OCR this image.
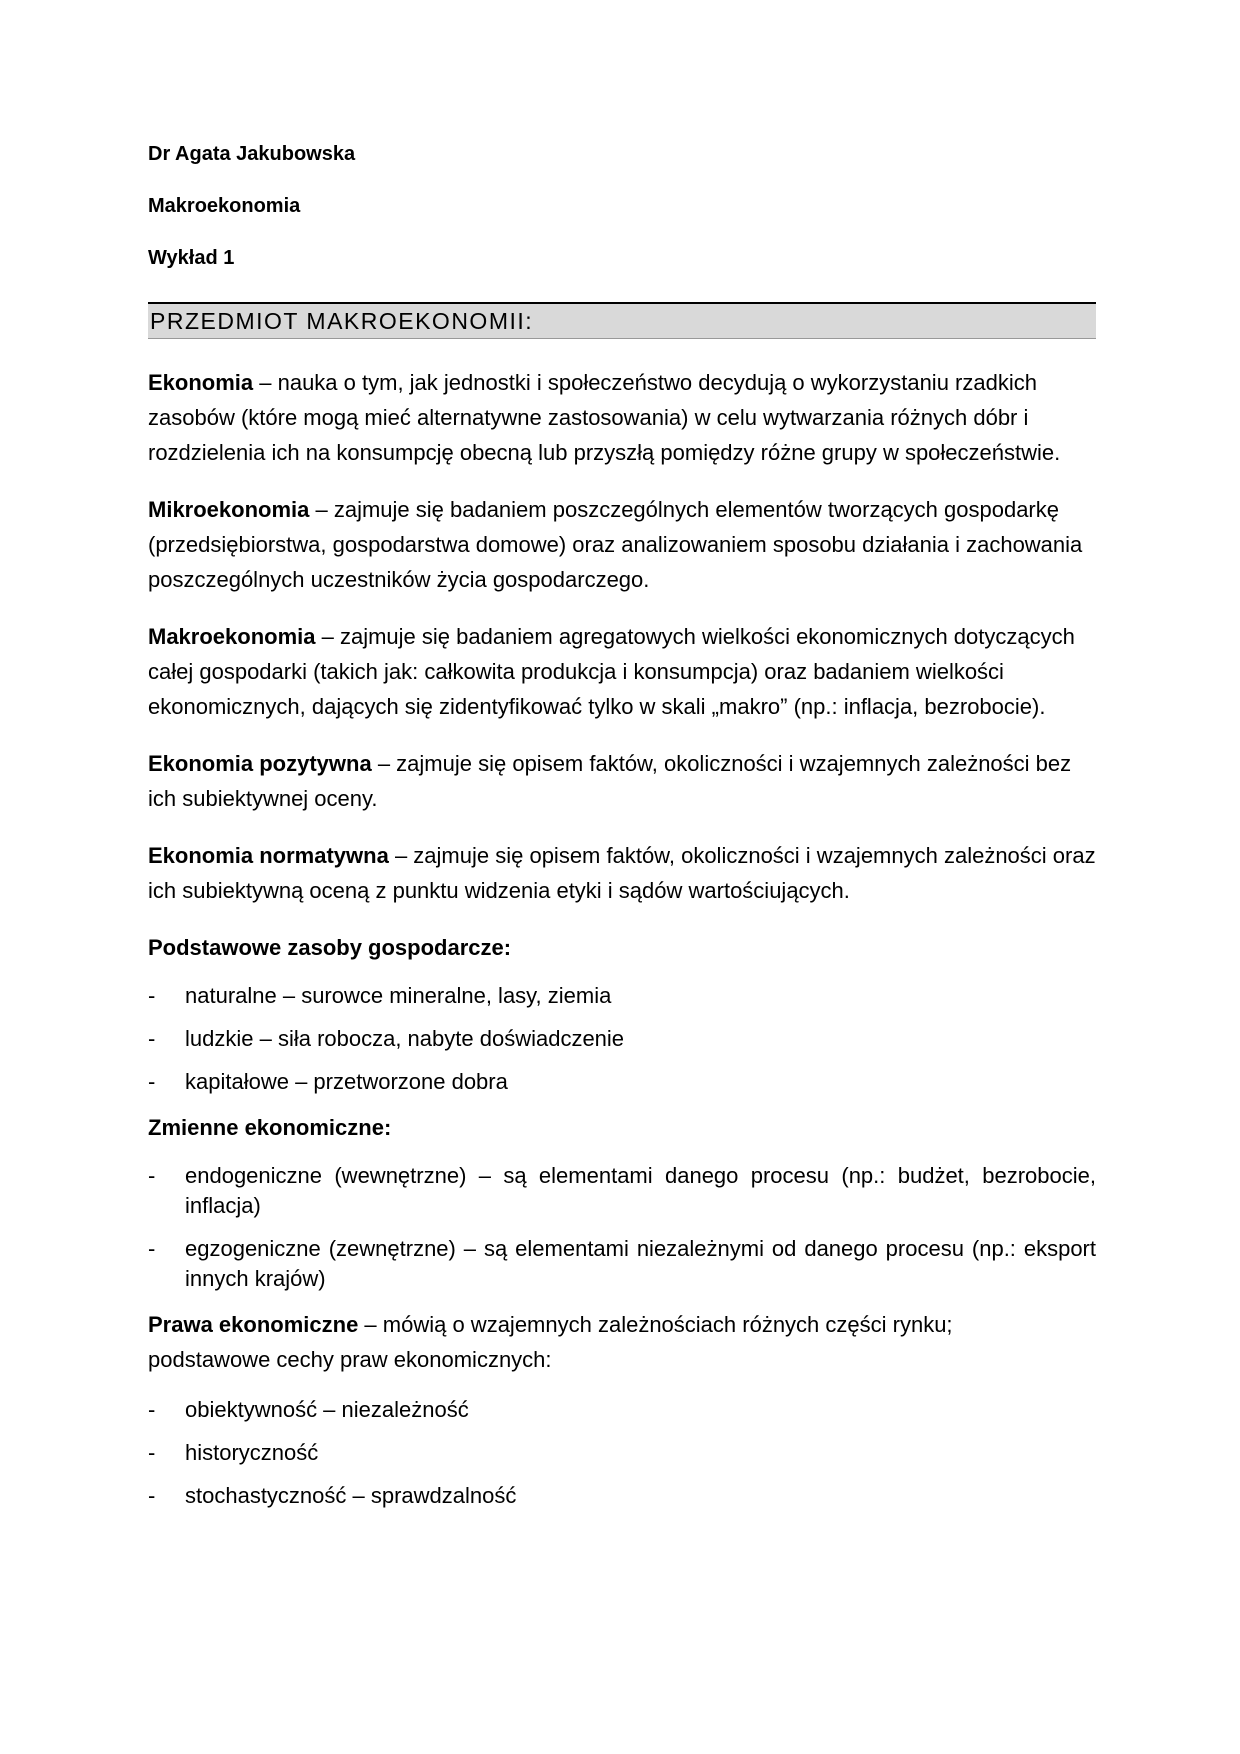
Dr Agata Jakubowska

Makroekonomia

Wykład 1

PRZEDMIOT MAKROEKONOMII:

Ekonomia – nauka o tym, jak jednostki i społeczeństwo decydują o wykorzystaniu rzadkich zasobów (które mogą mieć alternatywne zastosowania) w celu wytwarzania różnych dóbr i rozdzielenia ich na konsumpcję obecną lub przyszłą pomiędzy różne grupy w społeczeństwie.

Mikroekonomia – zajmuje się badaniem poszczególnych elementów tworzących gospodarkę (przedsiębiorstwa, gospodarstwa domowe) oraz analizowaniem sposobu działania i zachowania poszczególnych uczestników życia gospodarczego.

Makroekonomia – zajmuje się badaniem agregatowych wielkości ekonomicznych dotyczących całej gospodarki (takich jak: całkowita produkcja i konsumpcja) oraz badaniem wielkości ekonomicznych, dających się zidentyfikować tylko w skali „makro” (np.: inflacja, bezrobocie).

Ekonomia pozytywna – zajmuje się opisem faktów, okoliczności i wzajemnych zależności bez ich subiektywnej oceny.

Ekonomia normatywna – zajmuje się opisem faktów, okoliczności i wzajemnych zależności oraz ich subiektywną oceną z punktu widzenia etyki i sądów wartościujących.

Podstawowe zasoby gospodarcze:

- naturalne – surowce mineralne, lasy, ziemia
- ludzkie – siła robocza, nabyte doświadczenie
- kapitałowe – przetworzone dobra

Zmienne ekonomiczne:

- endogeniczne (wewnętrzne) – są elementami danego procesu (np.: budżet, bezrobocie, inflacja)
- egzogeniczne (zewnętrzne) – są elementami niezależnymi od danego procesu (np.: eksport innych krajów)

Prawa ekonomiczne – mówią o wzajemnych zależnościach różnych części rynku;
podstawowe cechy praw ekonomicznych:

- obiektywność – niezależność
- historyczność
- stochastyczność – sprawdzalność
